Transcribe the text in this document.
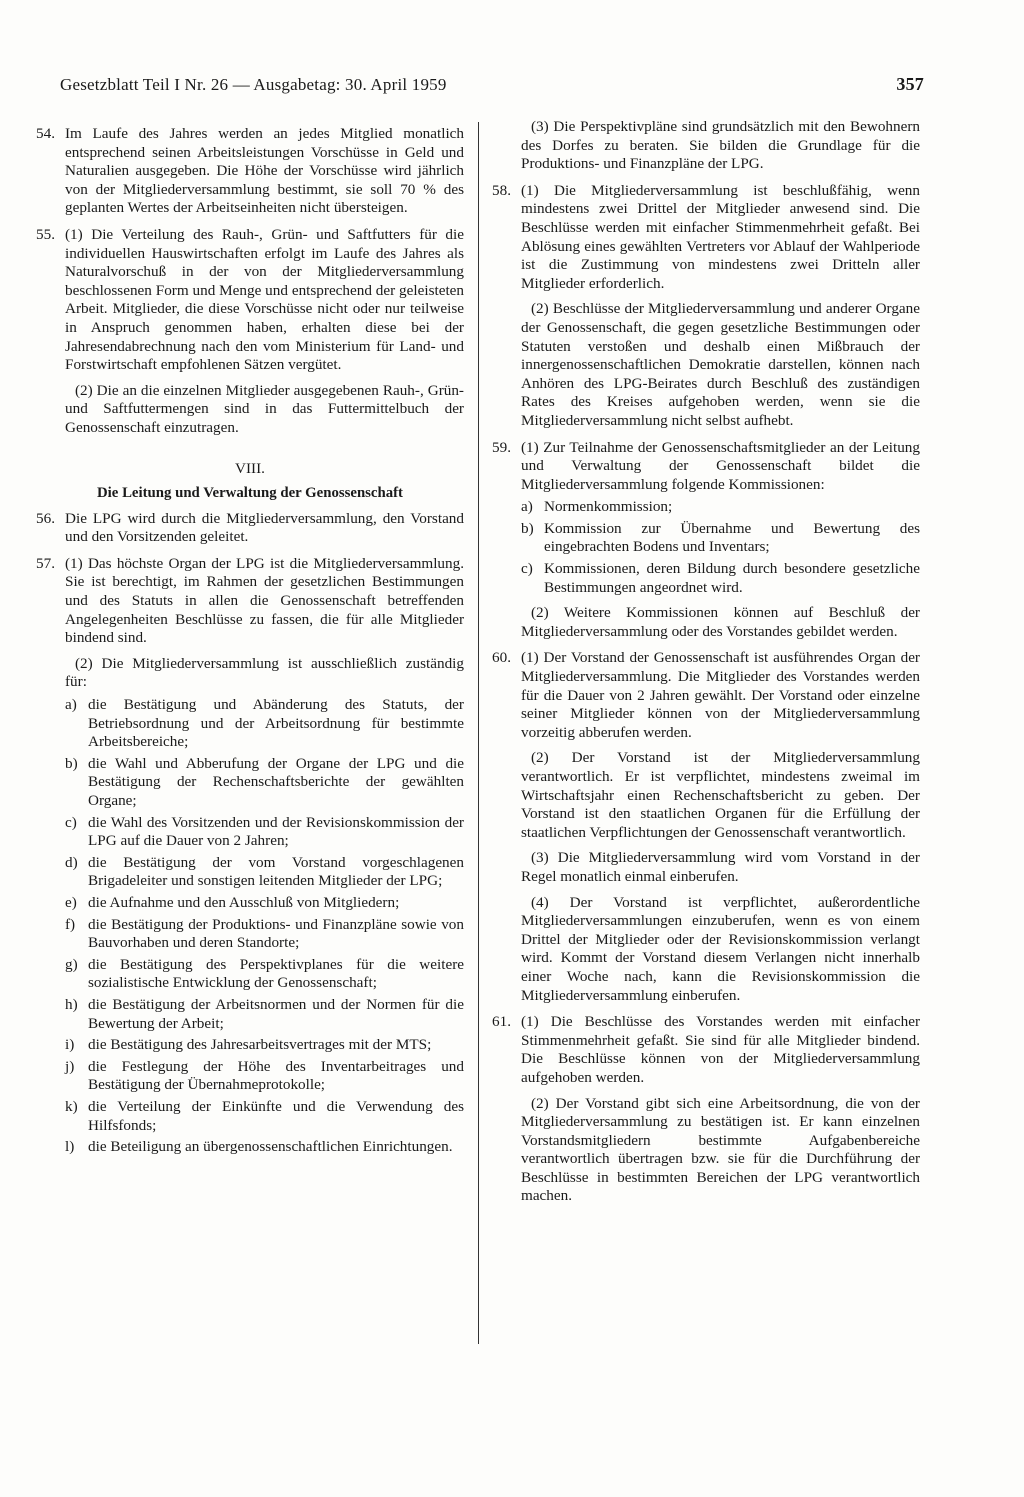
Gesetzblatt Teil I Nr. 26 — Ausgabetag: 30. April 1959	357
54. Im Laufe des Jahres werden an jedes Mitglied monatlich entsprechend seinen Arbeitsleistungen Vorschüsse in Geld und Naturalien ausgegeben. Die Höhe der Vorschüsse wird jährlich von der Mitgliederversammlung bestimmt, sie soll 70 % des geplanten Wertes der Arbeitseinheiten nicht übersteigen.
55. (1) Die Verteilung des Rauh-, Grün- und Saftfutters für die individuellen Hauswirtschaften erfolgt im Laufe des Jahres als Naturalvorschuß in der von der Mitgliederversammlung beschlossenen Form und Menge und entsprechend der geleisteten Arbeit. Mitglieder, die diese Vorschüsse nicht oder nur teilweise in Anspruch genommen haben, erhalten diese bei der Jahresendabrechnung nach den vom Ministerium für Land- und Forstwirtschaft empfohlenen Sätzen vergütet.
(2) Die an die einzelnen Mitglieder ausgegebenen Rauh-, Grün- und Saftfuttermengen sind in das Futtermittelbuch der Genossenschaft einzutragen.
VIII.
Die Leitung und Verwaltung der Genossenschaft
56. Die LPG wird durch die Mitgliederversammlung, den Vorstand und den Vorsitzenden geleitet.
57. (1) Das höchste Organ der LPG ist die Mitgliederversammlung. Sie ist berechtigt, im Rahmen der gesetzlichen Bestimmungen und des Statuts in allen die Genossenschaft betreffenden Angelegenheiten Beschlüsse zu fassen, die für alle Mitglieder bindend sind.
(2) Die Mitgliederversammlung ist ausschließlich zuständig für:
a) die Bestätigung und Abänderung des Statuts, der Betriebsordnung und der Arbeitsordnung für bestimmte Arbeitsbereiche;
b) die Wahl und Abberufung der Organe der LPG und die Bestätigung der Rechenschaftsberichte der gewählten Organe;
c) die Wahl des Vorsitzenden und der Revisionskommission der LPG auf die Dauer von 2 Jahren;
d) die Bestätigung der vom Vorstand vorgeschlagenen Brigadeleiter und sonstigen leitenden Mitglieder der LPG;
e) die Aufnahme und den Ausschluß von Mitgliedern;
f) die Bestätigung der Produktions- und Finanzpläne sowie von Bauvorhaben und deren Standorte;
g) die Bestätigung des Perspektivplanes für die weitere sozialistische Entwicklung der Genossenschaft;
h) die Bestätigung der Arbeitsnormen und der Normen für die Bewertung der Arbeit;
i) die Bestätigung des Jahresarbeitsvertrages mit der MTS;
j) die Festlegung der Höhe des Inventarbeitrages und Bestätigung der Übernahmeprotokolle;
k) die Verteilung der Einkünfte und die Verwendung des Hilfsfonds;
l) die Beteiligung an übergenossenschaftlichen Einrichtungen.
(3) Die Perspektivpläne sind grundsätzlich mit den Bewohnern des Dorfes zu beraten. Sie bilden die Grundlage für die Produktions- und Finanzpläne der LPG.
58. (1) Die Mitgliederversammlung ist beschlußfähig, wenn mindestens zwei Drittel der Mitglieder anwesend sind. Die Beschlüsse werden mit einfacher Stimmenmehrheit gefaßt. Bei Ablösung eines gewählten Vertreters vor Ablauf der Wahlperiode ist die Zustimmung von mindestens zwei Dritteln aller Mitglieder erforderlich.
(2) Beschlüsse der Mitgliederversammlung und anderer Organe der Genossenschaft, die gegen gesetzliche Bestimmungen oder Statuten verstoßen und deshalb einen Mißbrauch der innergenossenschaftlichen Demokratie darstellen, können nach Anhören des LPG-Beirates durch Beschluß des zuständigen Rates des Kreises aufgehoben werden, wenn sie die Mitgliederversammlung nicht selbst aufhebt.
59. (1) Zur Teilnahme der Genossenschaftsmitglieder an der Leitung und Verwaltung der Genossenschaft bildet die Mitgliederversammlung folgende Kommissionen:
a) Normenkommission;
b) Kommission zur Übernahme und Bewertung des eingebrachten Bodens und Inventars;
c) Kommissionen, deren Bildung durch besondere gesetzliche Bestimmungen angeordnet wird.
(2) Weitere Kommissionen können auf Beschluß der Mitgliederversammlung oder des Vorstandes gebildet werden.
60. (1) Der Vorstand der Genossenschaft ist ausführendes Organ der Mitgliederversammlung. Die Mitglieder des Vorstandes werden für die Dauer von 2 Jahren gewählt. Der Vorstand oder einzelne seiner Mitglieder können von der Mitgliederversammlung vorzeitig abberufen werden.
(2) Der Vorstand ist der Mitgliederversammlung verantwortlich. Er ist verpflichtet, mindestens zweimal im Wirtschaftsjahr einen Rechenschaftsbericht zu geben. Der Vorstand ist den staatlichen Organen für die Erfüllung der staatlichen Verpflichtungen der Genossenschaft verantwortlich.
(3) Die Mitgliederversammlung wird vom Vorstand in der Regel monatlich einmal einberufen.
(4) Der Vorstand ist verpflichtet, außerordentliche Mitgliederversammlungen einzuberufen, wenn es von einem Drittel der Mitglieder oder der Revisionskommission verlangt wird. Kommt der Vorstand diesem Verlangen nicht innerhalb einer Woche nach, kann die Revisionskommission die Mitgliederversammlung einberufen.
61. (1) Die Beschlüsse des Vorstandes werden mit einfacher Stimmenmehrheit gefaßt. Sie sind für alle Mitglieder bindend. Die Beschlüsse können von der Mitgliederversammlung aufgehoben werden.
(2) Der Vorstand gibt sich eine Arbeitsordnung, die von der Mitgliederversammlung zu bestätigen ist. Er kann einzelnen Vorstandsmitgliedern bestimmte Aufgabenbereiche verantwortlich übertragen bzw. sie für die Durchführung der Beschlüsse in bestimmten Bereichen der LPG verantwortlich machen.
